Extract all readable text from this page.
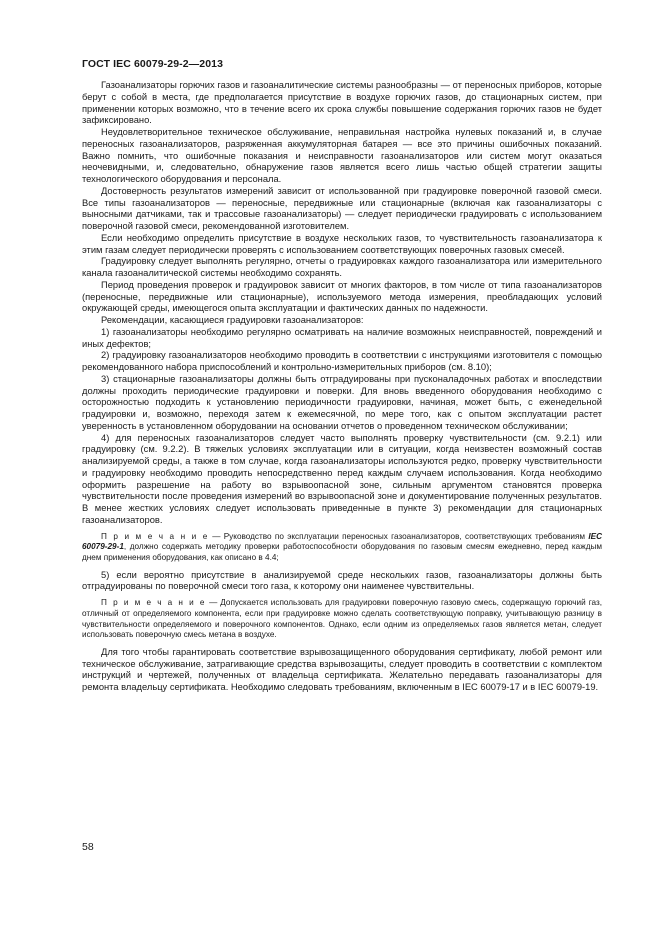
ГОСТ IEC 60079-29-2—2013

Газоанализаторы горючих газов и газоаналитические системы разнообразны — от переносных приборов, которые берут с собой в места, где предполагается присутствие в воздухе горючих газов, до стационарных систем, при применении которых возможно, что в течение всего их срока службы повышение содержания горючих газов не будет зафиксировано.

Неудовлетворительное техническое обслуживание, неправильная настройка нулевых показаний и, в случае переносных газоанализаторов, разряженная аккумуляторная батарея — все это причины ошибочных показаний. Важно помнить, что ошибочные показания и неисправности газоанализаторов или систем могут оказаться неочевидными, и, следовательно, обнаружение газов является всего лишь частью общей стратегии защиты технологического оборудования и персонала.

Достоверность результатов измерений зависит от использованной при градуировке поверочной газовой смеси. Все типы газоанализаторов — переносные, передвижные или стационарные (включая как газоанализаторы с выносными датчиками, так и трассовые газоанализаторы) — следует периодически градуировать с использованием поверочной газовой смеси, рекомендованной изготовителем.

Если необходимо определить присутствие в воздухе нескольких газов, то чувствительность газоанализатора к этим газам следует периодически проверять с использованием соответствующих поверочных газовых смесей.

Градуировку следует выполнять регулярно, отчеты о градуировках каждого газоанализатора или измерительного канала газоаналитической системы необходимо сохранять.

Период проведения проверок и градуировок зависит от многих факторов, в том числе от типа газоанализаторов (переносные, передвижные или стационарные), используемого метода измерения, преобладающих условий окружающей среды, имеющегося опыта эксплуатации и фактических данных по надежности.

Рекомендации, касающиеся градуировки газоанализаторов:

1) газоанализаторы необходимо регулярно осматривать на наличие возможных неисправностей, повреждений и иных дефектов;

2) градуировку газоанализаторов необходимо проводить в соответствии с инструкциями изготовителя с помощью рекомендованного набора приспособлений и контрольно-измерительных приборов (см. 8.10);

3) стационарные газоанализаторы должны быть отградуированы при пусконаладочных работах и впоследствии должны проходить периодические градуировки и поверки. Для вновь введенного оборудования необходимо с осторожностью подходить к установлению периодичности градуировки, начиная, может быть, с еженедельной градуировки и, возможно, переходя затем к ежемесячной, по мере того, как с опытом эксплуатации растет уверенность в установленном оборудовании на основании отчетов о проведенном техническом обслуживании;

4) для переносных газоанализаторов следует часто выполнять проверку чувствительности (см. 9.2.1) или градуировку (см. 9.2.2). В тяжелых условиях эксплуатации или в ситуации, когда неизвестен возможный состав анализируемой среды, а также в том случае, когда газоанализаторы используются редко, проверку чувствительности и градуировку необходимо проводить непосредственно перед каждым случаем использования. Когда необходимо оформить разрешение на работу во взрывоопасной зоне, сильным аргументом становятся проверка чувствительности после проведения измерений во взрывоопасной зоне и документирование полученных результатов. В менее жестких условиях следует использовать приведенные в пункте 3) рекомендации для стационарных газоанализаторов.

П р и м е ч а н и е — Руководство по эксплуатации переносных газоанализаторов, соответствующих требованиям IEC 60079-29-1, должно содержать методику проверки работоспособности оборудования по газовым смесям ежедневно, перед каждым днем применения оборудования, как описано в 4.4;

5) если вероятно присутствие в анализируемой среде нескольких газов, газоанализаторы должны быть отградуированы по поверочной смеси того газа, к которому они наименее чувствительны.

П р и м е ч а н и е — Допускается использовать для градуировки поверочную газовую смесь, содержащую горючий газ, отличный от определяемого компонента, если при градуировке можно сделать соответствующую поправку, учитывающую разницу в чувствительности определяемого и поверочного компонентов. Однако, если одним из определяемых газов является метан, следует использовать поверочную смесь метана в воздухе.

Для того чтобы гарантировать соответствие взрывозащищенного оборудования сертификату, любой ремонт или техническое обслуживание, затрагивающие средства взрывозащиты, следует проводить в соответствии с комплектом инструкций и чертежей, полученных от владельца сертификата. Желательно передавать газоанализаторы для ремонта владельцу сертификата. Необходимо следовать требованиям, включенным в IEC 60079-17 и в IEC 60079-19.

58
